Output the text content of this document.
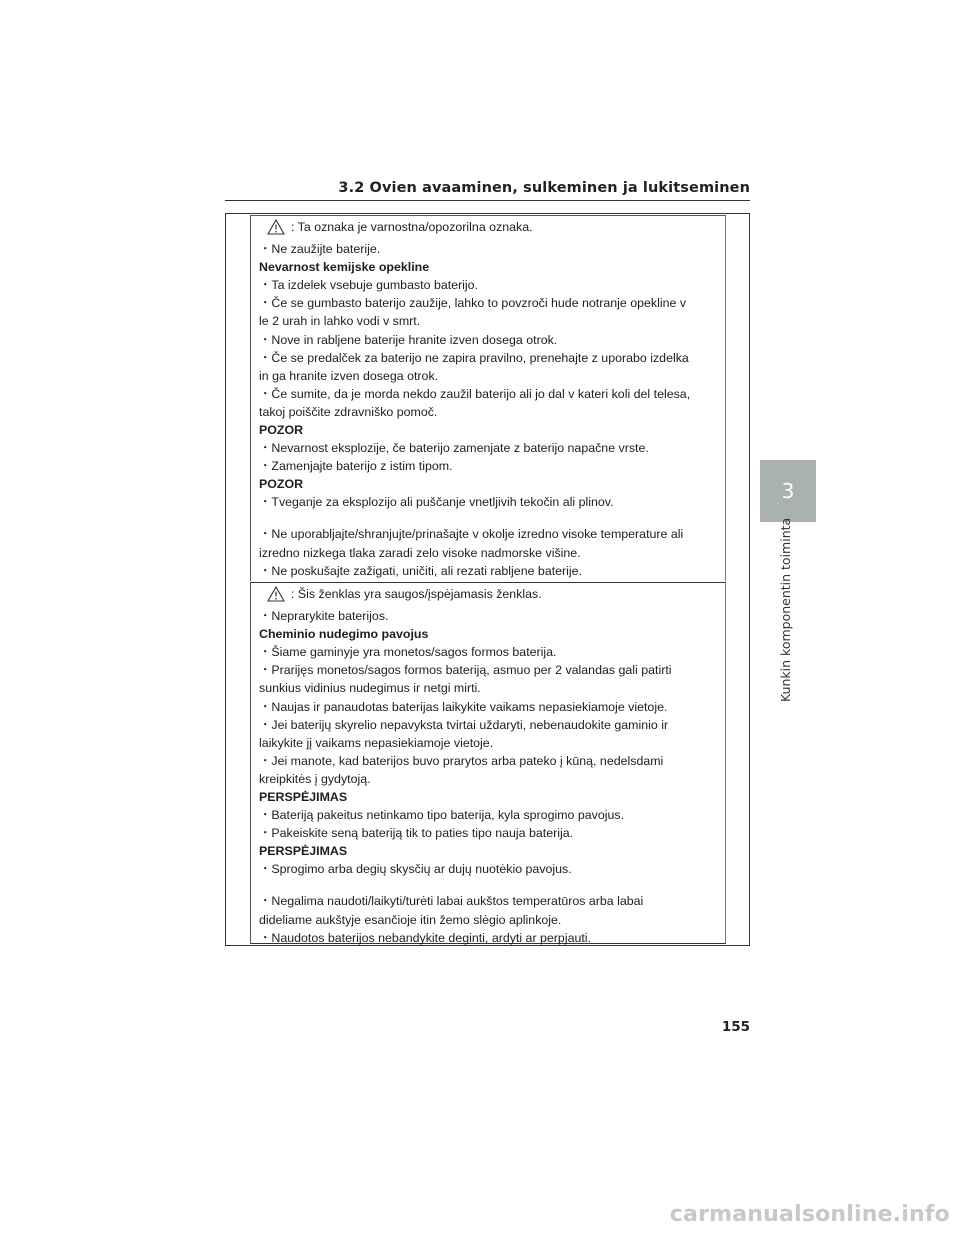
3.2 Ovien avaaminen, sulkeminen ja lukitseminen
3
Kunkin komponentin toiminta
: Ta oznaka je varnostna/opozorilna oznaka.
・Ne zaužijte baterije.
Nevarnost kemijske opekline
・Ta izdelek vsebuje gumbasto baterijo.
・Če se gumbasto baterijo zaužije, lahko to povzroči hude notranje opekline v
le 2 urah in lahko vodi v smrt.
・Nove in rabljene baterije hranite izven dosega otrok.
・Če se predalček za baterijo ne zapira pravilno, prenehajte z uporabo izdelka
in ga hranite izven dosega otrok.
・Če sumite, da je morda nekdo zaužil baterijo ali jo dal v kateri koli del telesa,
takoj poiščite zdravniško pomoč.
POZOR
・Nevarnost eksplozije, če baterijo zamenjate z baterijo napačne vrste.
・Zamenjajte baterijo z istim tipom.
POZOR
・Tveganje za eksplozijo ali puščanje vnetljivih tekočin ali plinov.
・Ne uporabljajte/shranjujte/prinašajte v okolje izredno visoke temperature ali
izredno nizkega tlaka zaradi zelo visoke nadmorske višine.
・Ne poskušajte zažigati, uničiti, ali rezati rabljene baterije.
: Šis ženklas yra saugos/įspėjamasis ženklas.
・Neprarykite baterijos.
Cheminio nudegimo pavojus
・Šiame gaminyje yra monetos/sagos formos baterija.
・Prarijęs monetos/sagos formos bateriją, asmuo per 2 valandas gali patirti
sunkius vidinius nudegimus ir netgi mirti.
・Naujas ir panaudotas baterijas laikykite vaikams nepasiekiamoje vietoje.
・Jei baterijų skyrelio nepavyksta tvirtai uždaryti, nebenaudokite gaminio ir
laikykite jį vaikams nepasiekiamoje vietoje.
・Jei manote, kad baterijos buvo prarytos arba pateko į kūną, nedelsdami
kreipkitės į gydytoją.
PERSPĖJIMAS
・Bateriją pakeitus netinkamo tipo baterija, kyla sprogimo pavojus.
・Pakeiskite seną bateriją tik to paties tipo nauja baterija.
PERSPĖJIMAS
・Sprogimo arba degių skysčių ar dujų nuotėkio pavojus.
・Negalima naudoti/laikyti/turėti labai aukštos temperatūros arba labai
dideliame aukštyje esančioje itin žemo slėgio aplinkoje.
・Naudotos baterijos nebandykite deginti, ardyti ar perpjauti.
155
carmanualsonline.info
